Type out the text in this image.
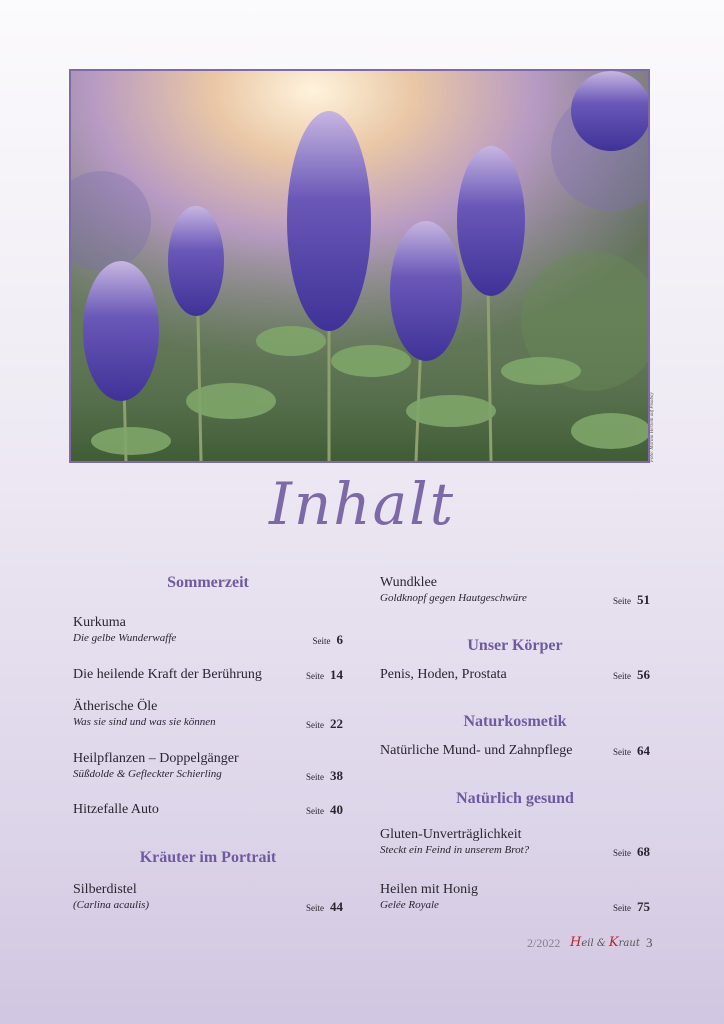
Foto: Marina Herzeln auf Pixabay
Inhalt
Sommerzeit
Kurkuma
Die gelbe Wunderwaffe	Seite 6
Die heilende Kraft der Berührung	Seite 14
Ätherische Öle
Was sie sind und was sie können	Seite 22
Heilpflanzen – Doppelgänger
Süßdolde & Gefleckter Schierling	Seite 38
Hitzefalle Auto	Seite 40
Kräuter im Portrait
Silberdistel
(Carlina acaulis)	Seite 44
Wundklee
Goldknopf gegen Hautgeschwüre	Seite 51
Unser Körper
Penis, Hoden, Prostata	Seite 56
Naturkosmetik
Natürliche Mund- und Zahnpflege	Seite 64
Natürlich gesund
Gluten-Unverträglichkeit
Steckt ein Feind in unserem Brot?	Seite 68
Heilen mit Honig
Gelée Royale	Seite 75
2/2022 Heil & Kraut 3
